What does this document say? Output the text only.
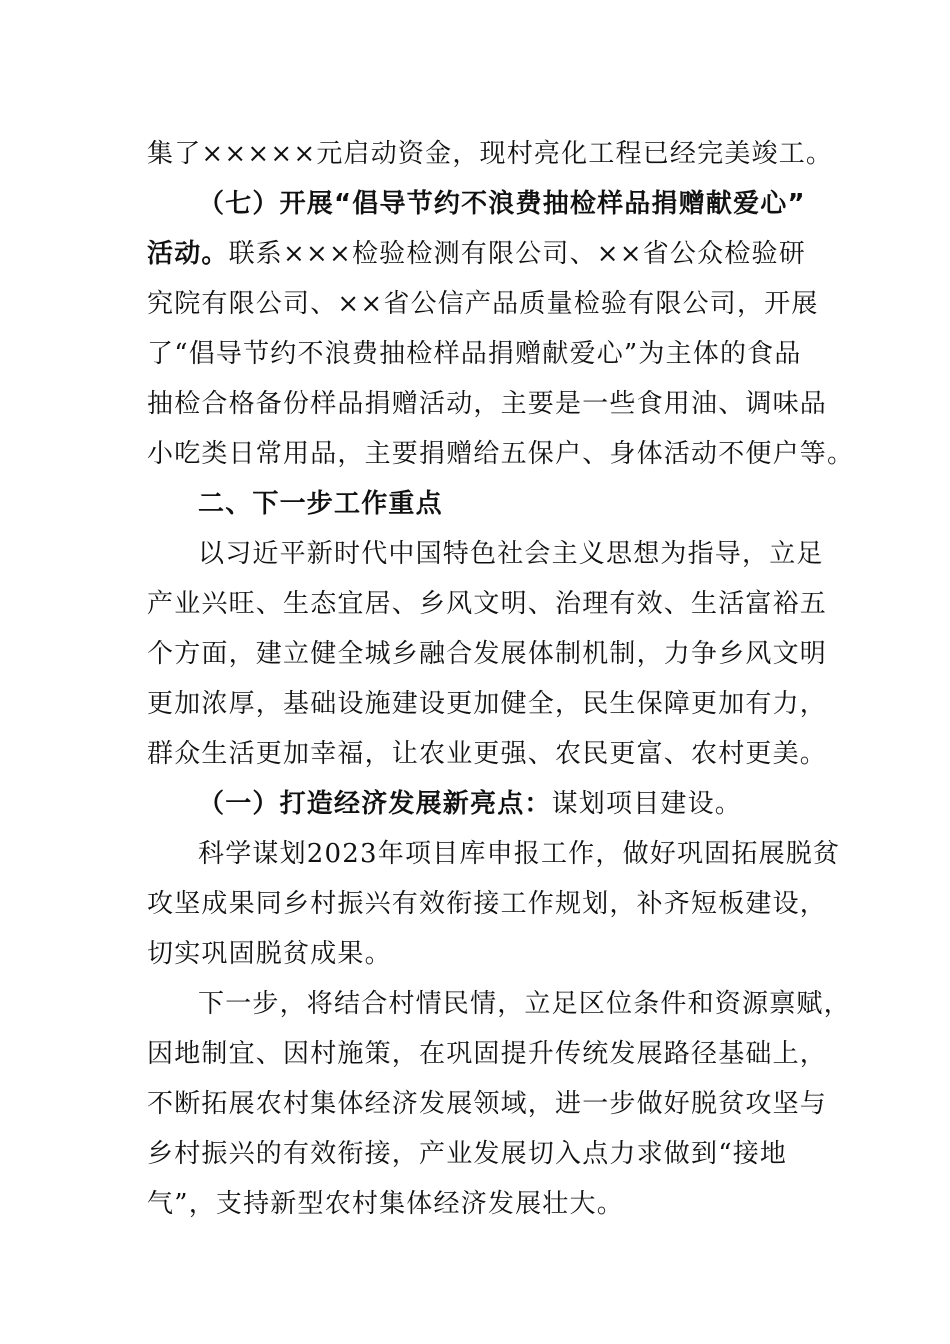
集了×××××元启动资金，现村亮化工程已经完美竣工。
（七）开展“倡导节约不浪费抽检样品捐赠献爱心”
活动。联系×××检验检测有限公司、××省公众检验研
究院有限公司、××省公信产品质量检验有限公司，开展
了“倡导节约不浪费抽检样品捐赠献爱心”为主体的食品
抽检合格备份样品捐赠活动，主要是一些食用油、调味品
小吃类日常用品，主要捐赠给五保户、身体活动不便户等。
二、下一步工作重点
以习近平新时代中国特色社会主义思想为指导，立足
产业兴旺、生态宜居、乡风文明、治理有效、生活富裕五
个方面，建立健全城乡融合发展体制机制，力争乡风文明
更加浓厚，基础设施建设更加健全，民生保障更加有力，
群众生活更加幸福，让农业更强、农民更富、农村更美。
（一）打造经济发展新亮点：谋划项目建设。
科学谋划2023年项目库申报工作，做好巩固拓展脱贫
攻坚成果同乡村振兴有效衔接工作规划，补齐短板建设，
切实巩固脱贫成果。
下一步，将结合村情民情，立足区位条件和资源禀赋，
因地制宜、因村施策，在巩固提升传统发展路径基础上，
不断拓展农村集体经济发展领域，进一步做好脱贫攻坚与
乡村振兴的有效衔接，产业发展切入点力求做到“接地
气”，支持新型农村集体经济发展壮大。
